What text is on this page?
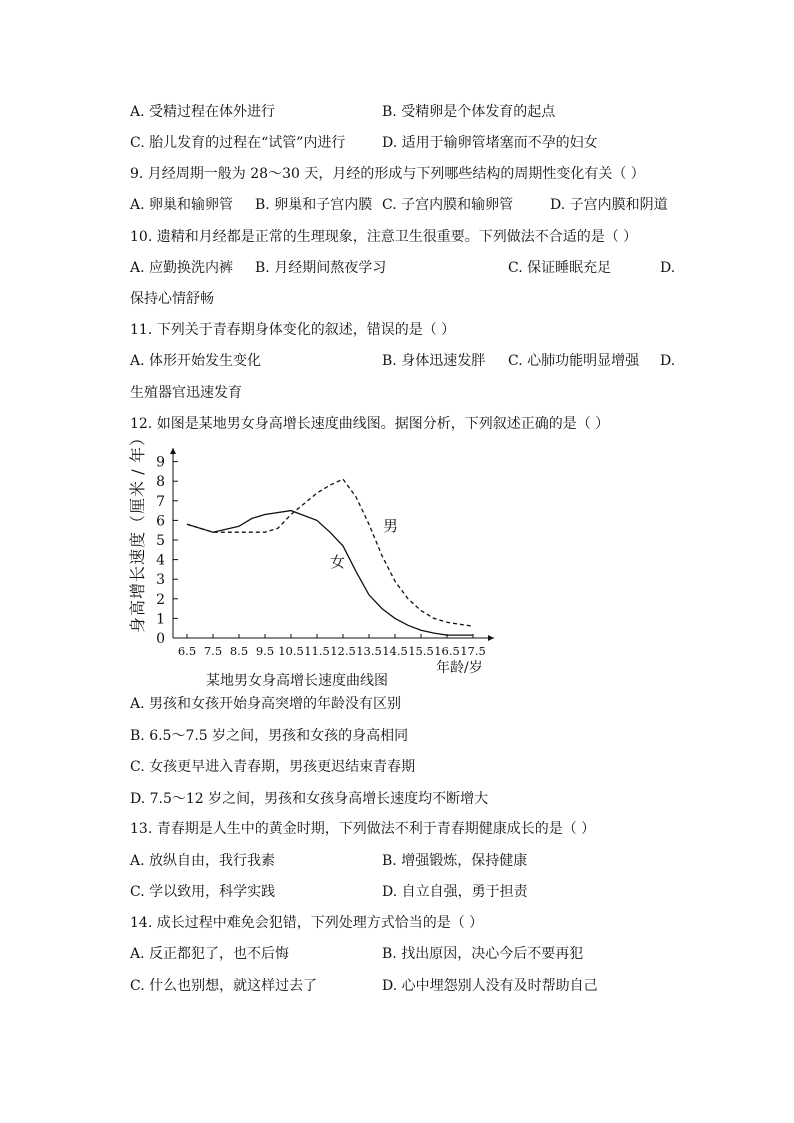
A. 受精过程在体外进行	B. 受精卵是个体发育的起点
C. 胎儿发育的过程在“试管”内进行	D. 适用于输卵管堵塞而不孕的妇女
9. 月经周期一般为 28～30 天，月经的形成与下列哪些结构的周期性变化有关（ ）
A. 卵巢和输卵管 B. 卵巢和子宫内膜 C. 子宫内膜和输卵管	D. 子宫内膜和阴道
10. 遗精和月经都是正常的生理现象，注意卫生很重要。下列做法不合适的是（ ）
A. 应勤换洗内裤 B. 月经期间熬夜学习	C. 保证睡眠充足	D.
保持心情舒畅
11. 下列关于青春期身体变化的叙述，错误的是（ ）
A. 体形开始发生变化	B. 身体迅速发胖 C. 心肺功能明显增强 D.
生殖器官迅速发育
12. 如图是某地男女身高增长速度曲线图。据图分析，下列叙述正确的是（ ）
身
高
增
长
速
度
（
厘
米
/
年
）
0
1
2
3
4
5
6
7
8
9
6.5 7.5 8.5 9.5 10.5 11.5 12.5 13.5 14.5 15.5 16.5 17.5
男
女
年龄/岁
某地男女身高增长速度曲线图
A. 男孩和女孩开始身高突增的年龄没有区别
B. 6.5～7.5 岁之间，男孩和女孩的身高相同
C. 女孩更早进入青春期，男孩更迟结束青春期
D. 7.5～12 岁之间，男孩和女孩身高增长速度均不断增大
13. 青春期是人生中的黄金时期，下列做法不利于青春期健康成长的是（ ）
A. 放纵自由，我行我素	B. 增强锻炼，保持健康
C. 学以致用，科学实践	D. 自立自强，勇于担责
14. 成长过程中难免会犯错，下列处理方式恰当的是（ ）
A. 反正都犯了，也不后悔	B. 找出原因，决心今后不要再犯
C. 什么也别想，就这样过去了	D. 心中埋怨别人没有及时帮助自己
